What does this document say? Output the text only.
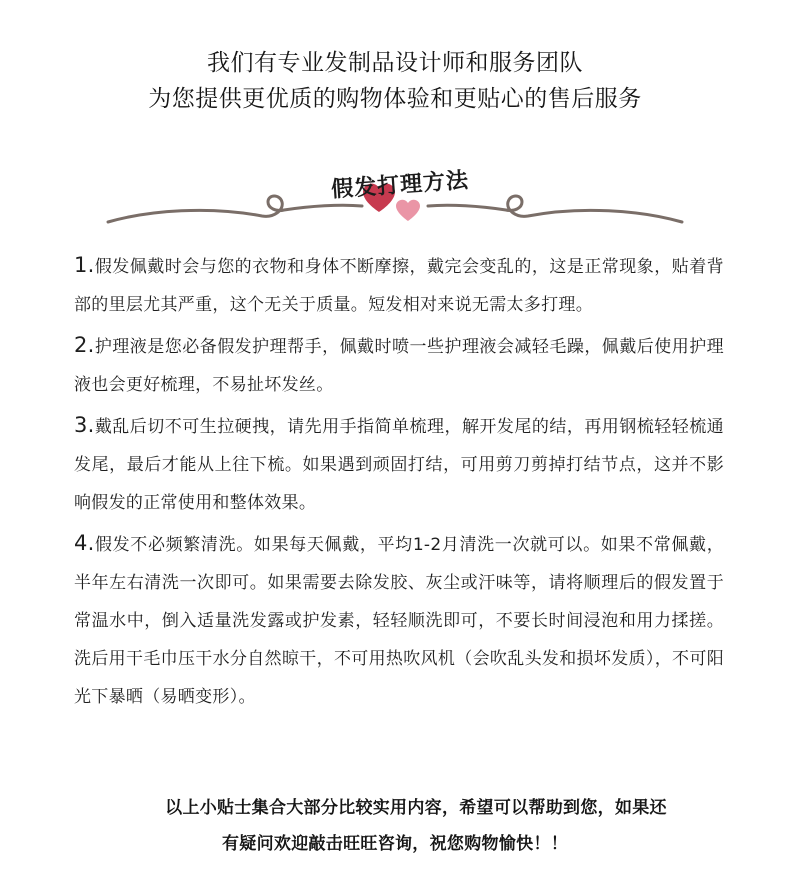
我们有专业发制品设计师和服务团队
为您提供更优质的购物体验和更贴心的售后服务
假发打理方法

1.假发佩戴时会与您的衣物和身体不断摩擦，戴完会变乱的，这是正常现象，贴着背部的里层尤其严重，这个无关于质量。短发相对来说无需太多打理。

2.护理液是您必备假发护理帮手，佩戴时喷一些护理液会减轻毛躁，佩戴后使用护理液也会更好梳理，不易扯坏发丝。

3.戴乱后切不可生拉硬拽，请先用手指简单梳理，解开发尾的结，再用钢梳轻轻梳通发尾，最后才能从上往下梳。如果遇到顽固打结，可用剪刀剪掉打结节点，这并不影响假发的正常使用和整体效果。

4.假发不必频繁清洗。如果每天佩戴，平均1-2月清洗一次就可以。如果不常佩戴，半年左右清洗一次即可。如果需要去除发胶、灰尘或汗味等，请将顺理后的假发置于常温水中，倒入适量洗发露或护发素，轻轻顺洗即可，不要长时间浸泡和用力揉搓。洗后用干毛巾压干水分自然晾干，不可用热吹风机（会吹乱头发和损坏发质），不可阳光下暴晒（易晒变形）。

以上小贴士集合大部分比较实用内容，希望可以帮助到您，如果还
有疑问欢迎敲击旺旺咨询，祝您购物愉快！！
